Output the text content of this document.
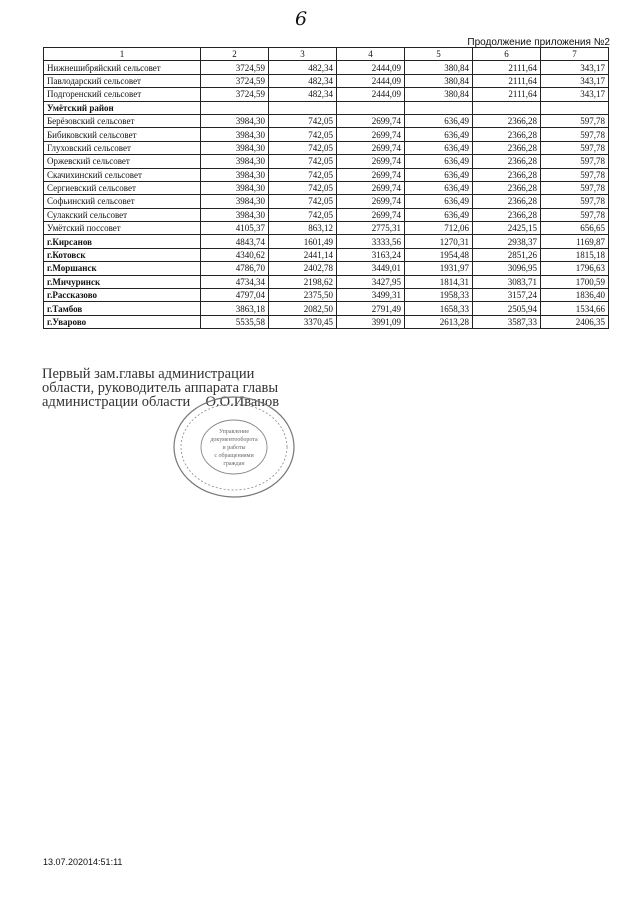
6
Продолжение приложения №2
1	2	3	4	5	6	7
Нижнешибряйский сельсовет	3724,59	482,34	2444,09	380,84	2111,64	343,17
Павлодарский сельсовет	3724,59	482,34	2444,09	380,84	2111,64	343,17
Подгоренский сельсовет	3724,59	482,34	2444,09	380,84	2111,64	343,17
Умётский район						
Берёзовский сельсовет	3984,30	742,05	2699,74	636,49	2366,28	597,78
Бибиковский сельсовет	3984,30	742,05	2699,74	636,49	2366,28	597,78
Глуховский сельсовет	3984,30	742,05	2699,74	636,49	2366,28	597,78
Оржевский сельсовет	3984,30	742,05	2699,74	636,49	2366,28	597,78
Скачихинский сельсовет	3984,30	742,05	2699,74	636,49	2366,28	597,78
Сергиевский сельсовет	3984,30	742,05	2699,74	636,49	2366,28	597,78
Софьинский сельсовет	3984,30	742,05	2699,74	636,49	2366,28	597,78
Сулакский сельсовет	3984,30	742,05	2699,74	636,49	2366,28	597,78
Умётский поссовет	4105,37	863,12	2775,31	712,06	2425,15	656,65
г.Кирсанов	4843,74	1601,49	3333,56	1270,31	2938,37	1169,87
г.Котовск	4340,62	2441,14	3163,24	1954,48	2851,26	1815,18
г.Моршанск	4786,70	2402,78	3449,01	1931,97	3096,95	1796,63
г.Мичуринск	4734,34	2198,62	3427,95	1814,31	3083,71	1700,59
г.Рассказово	4797,04	2375,50	3499,31	1958,33	3157,24	1836,40
г.Тамбов	3863,18	2082,50	2791,49	1658,33	2505,94	1534,66
г.Уварово	5535,58	3370,45	3991,09	2613,28	3587,33	2406,35
Первый зам.главы администрации
области, руководитель аппарата главы
администрации области О.О.Иванов
Управление
документооборота
и работы
с обращениями
граждан
13.07.202014:51:11
